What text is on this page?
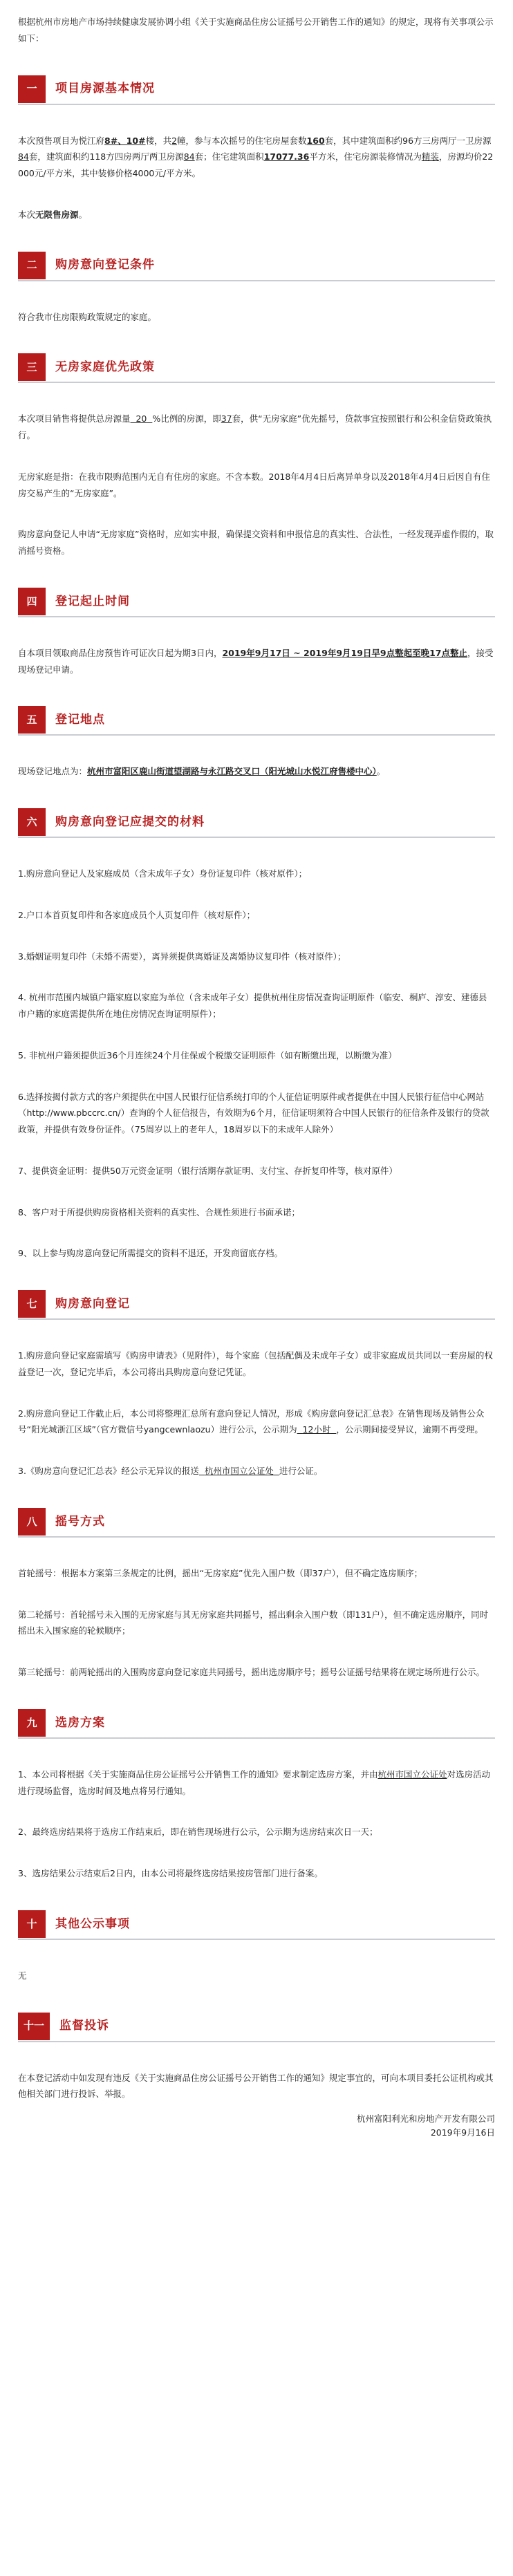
根据杭州市房地产市场持续健康发展协调小组《关于实施商品住房公证摇号公开销售工作的通知》的规定，现将有关事项公示如下：

一	项目房源基本情况

本次预售项目为悦江府8#、10#楼，共2幢，参与本次摇号的住宅房屋套数160套，其中建筑面积约96方三房两厅一卫房源84套，建筑面积约118方四房两厅两卫房源84套；住宅建筑面积17077.36平方米，住宅房源装修情况为精装，房源均价22000元/平方米，其中装修价格4000元/平方米。

本次无限售房源。

二	购房意向登记条件

符合我市住房限购政策规定的家庭。

三	无房家庭优先政策

本次项目销售将提供总房源量 20 %比例的房源，即37套，供“无房家庭”优先摇号，贷款事宜按照银行和公积金信贷政策执行。

无房家庭是指：在我市限购范围内无自有住房的家庭。不含本数。2018年4月4日后离异单身以及2018年4月4日后因自有住房交易产生的“无房家庭”。

购房意向登记人申请“无房家庭”资格时，应如实申报，确保提交资料和申报信息的真实性、合法性，一经发现弄虚作假的，取消摇号资格。

四	登记起止时间

自本项目领取商品住房预售许可证次日起为期3日内，2019年9月17日 ~ 2019年9月19日早9点整起至晚17点整止，接受现场登记申请。

五	登记地点

现场登记地点为：杭州市富阳区鹿山街道望湖路与永江路交叉口（阳光城山水悦江府售楼中心）。

六	购房意向登记应提交的材料

1.购房意向登记人及家庭成员（含未成年子女）身份证复印件（核对原件）；

2.户口本首页复印件和各家庭成员个人页复印件（核对原件）；

3.婚姻证明复印件（未婚不需要），离异须提供离婚证及离婚协议复印件（核对原件）；

4. 杭州市范围内城镇户籍家庭以家庭为单位（含未成年子女）提供杭州住房情况查询证明原件（临安、桐庐、淳安、建德县市户籍的家庭需提供所在地住房情况查询证明原件）；

5. 非杭州户籍须提供近36个月连续24个月住保或个税缴交证明原件（如有断缴出现，以断缴为准）

6.选择按揭付款方式的客户须提供在中国人民银行征信系统打印的个人征信证明原件或者提供在中国人民银行征信中心网站（http://www.pbccrc.cn/）查询的个人征信报告，有效期为6个月，征信证明须符合中国人民银行的征信条件及银行的贷款政策，并提供有效身份证件。（75周岁以上的老年人，18周岁以下的未成年人除外）

7、提供资金证明：提供50万元资金证明（银行活期存款证明、支付宝、存折复印件等，核对原件）

8、客户对于所提供购房资格相关资料的真实性、合规性须进行书面承诺；

9、以上参与购房意向登记所需提交的资料不退还，开发商留底存档。

七	购房意向登记

1.购房意向登记家庭需填写《购房申请表》（见附件），每个家庭（包括配偶及未成年子女）或非家庭成员共同以一套房屋的权益登记一次，登记完毕后，本公司将出具购房意向登记凭证。

2.购房意向登记工作截止后，本公司将整理汇总所有意向登记人情况，形成《购房意向登记汇总表》在销售现场及销售公众号“阳光城浙江区域”（官方微信号yangcewnlaozu）进行公示，公示期为 12小时 ，公示期间接受异议，逾期不再受理。

3.《购房意向登记汇总表》经公示无异议的报送 杭州市国立公证处 进行公证。

八	摇号方式

首轮摇号：根据本方案第三条规定的比例，摇出“无房家庭”优先入围户数（即37户），但不确定选房顺序；

第二轮摇号：首轮摇号未入围的无房家庭与其无房家庭共同摇号，摇出剩余入围户数（即131户），但不确定选房顺序，同时摇出未入围家庭的轮候顺序；

第三轮摇号：前两轮摇出的入围购房意向登记家庭共同摇号，摇出选房顺序号；摇号公证摇号结果将在规定场所进行公示。

九	选房方案

1、本公司将根据《关于实施商品住房公证摇号公开销售工作的通知》要求制定选房方案，并由杭州市国立公证处对选房活动进行现场监督，选房时间及地点将另行通知。

2、最终选房结果将于选房工作结束后，即在销售现场进行公示，公示期为选房结束次日一天；

3、选房结果公示结束后2日内，由本公司将最终选房结果按房管部门进行备案。

十	其他公示事项

无

十一	监督投诉

在本登记活动中如发现有违反《关于实施商品住房公证摇号公开销售工作的通知》规定事宜的，可向本项目委托公证机构或其他相关部门进行投诉、举报。

杭州富阳利光和房地产开发有限公司
2019年9月16日
